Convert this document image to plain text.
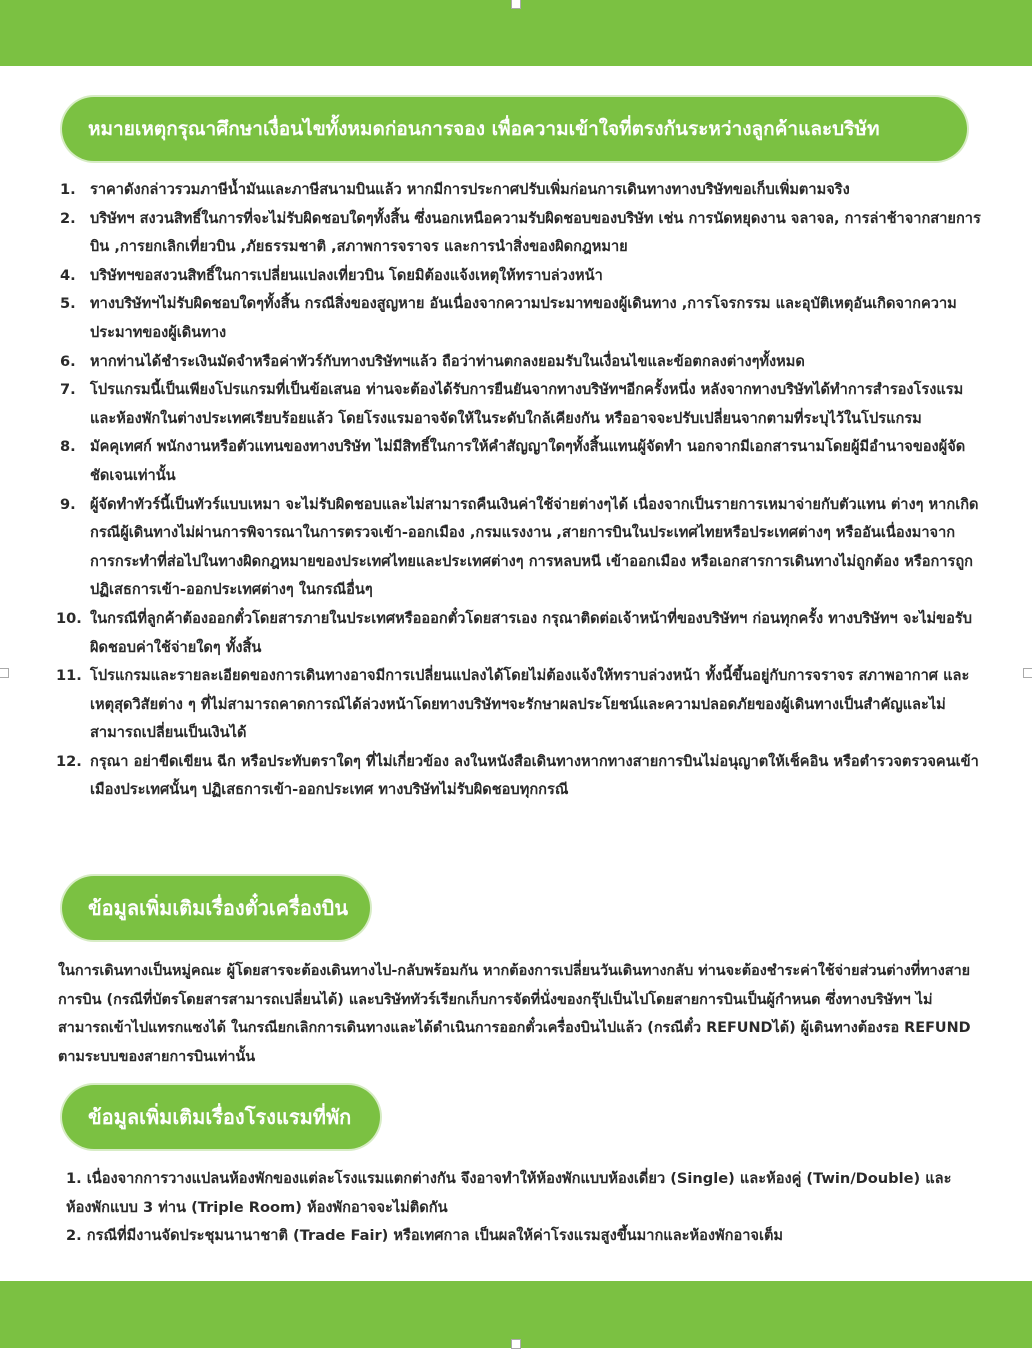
หมายเหตุกรุณาศึกษาเงื่อนไขทั้งหมดก่อนการจอง เพื่อความเข้าใจที่ตรงกันระหว่างลูกค้าและบริษัท
1. ราคาดังกล่าวรวมภาษีน้ำมันและภาษีสนามบินแล้ว หากมีการประกาศปรับเพิ่มก่อนการเดินทางทางบริษัทขอเก็บเพิ่มตามจริง
2. บริษัทฯ สงวนสิทธิ์ในการที่จะไม่รับผิดชอบใดๆทั้งสิ้น ซึ่งนอกเหนือความรับผิดชอบของบริษัท เช่น การนัดหยุดงาน จลาจล, การล่าช้าจากสายการบิน ,การยกเลิกเที่ยวบิน ,ภัยธรรมชาติ ,สภาพการจราจร และการนำสิ่งของผิดกฎหมาย
4. บริษัทฯขอสงวนสิทธิ์ในการเปลี่ยนแปลงเที่ยวบิน โดยมิต้องแจ้งเหตุให้ทราบล่วงหน้า
5. ทางบริษัทฯไม่รับผิดชอบใดๆทั้งสิ้น กรณีสิ่งของสูญหาย อันเนื่องจากความประมาทของผู้เดินทาง ,การโจรกรรม และอุบัติเหตุอันเกิดจากความประมาทของผู้เดินทาง
6. หากท่านได้ชำระเงินมัดจำหรือค่าทัวร์กับทางบริษัทฯแล้ว ถือว่าท่านตกลงยอมรับในเงื่อนไขและข้อตกลงต่างๆทั้งหมด
7. โปรแกรมนี้เป็นเพียงโปรแกรมที่เป็นข้อเสนอ ท่านจะต้องได้รับการยืนยันจากทางบริษัทฯอีกครั้งหนึ่ง หลังจากทางบริษัทได้ทำการสำรองโรงแรมและห้องพักในต่างประเทศเรียบร้อยแล้ว โดยโรงแรมอาจจัดให้ในระดับใกล้เคียงกัน หรืออาจจะปรับเปลี่ยนจากตามที่ระบุไว้ในโปรแกรม
8. มัคคุเทศก์ พนักงานหรือตัวแทนของทางบริษัท ไม่มีสิทธิ์ในการให้คำสัญญาใดๆทั้งสิ้นแทนผู้จัดทำ นอกจากมีเอกสารนามโดยผู้มีอำนาจของผู้จัดชัดเจนเท่านั้น
9. ผู้จัดทำทัวร์นี้เป็นทัวร์แบบเหมา จะไม่รับผิดชอบและไม่สามารถคืนเงินค่าใช้จ่ายต่างๆได้ เนื่องจากเป็นรายการเหมาจ่ายกับตัวแทน ต่างๆ หากเกิดกรณีผู้เดินทางไม่ผ่านการพิจารณาในการตรวจเข้า-ออกเมือง ,กรมแรงงาน ,สายการบินในประเทศไทยหรือประเทศต่างๆ หรืออันเนื่องมาจากการกระทำที่ส่อไปในทางผิดกฎหมายของประเทศไทยและประเทศต่างๆ การหลบหนี เข้าออกเมือง หรือเอกสารการเดินทางไม่ถูกต้อง หรือการถูกปฏิเสธการเข้า-ออกประเทศต่างๆ ในกรณีอื่นๆ
10. ในกรณีที่ลูกค้าต้องออกตั๋วโดยสารภายในประเทศหรือออกตั๋วโดยสารเอง กรุณาติดต่อเจ้าหน้าที่ของบริษัทฯ ก่อนทุกครั้ง ทางบริษัทฯ จะไม่ขอรับผิดชอบค่าใช้จ่ายใดๆ ทั้งสิ้น
11. โปรแกรมและรายละเอียดของการเดินทางอาจมีการเปลี่ยนแปลงได้โดยไม่ต้องแจ้งให้ทราบล่วงหน้า ทั้งนี้ขึ้นอยู่กับการจราจร สภาพอากาศ และเหตุสุดวิสัยต่าง ๆ ที่ไม่สามารถคาดการณ์ได้ล่วงหน้าโดยทางบริษัทฯจะรักษาผลประโยชน์และความปลอดภัยของผู้เดินทางเป็นสำคัญและไม่สามารถเปลี่ยนเป็นเงินได้
12. กรุณา อย่าขีดเขียน ฉีก หรือประทับตราใดๆ ที่ไม่เกี่ยวข้อง ลงในหนังสือเดินทางหากทางสายการบินไม่อนุญาตให้เช็คอิน หรือตำรวจตรวจคนเข้าเมืองประเทศนั้นๆ ปฏิเสธการเข้า-ออกประเทศ ทางบริษัทไม่รับผิดชอบทุกกรณี
ข้อมูลเพิ่มเติมเรื่องตั๋วเครื่องบิน

ในการเดินทางเป็นหมู่คณะ ผู้โดยสารจะต้องเดินทางไป-กลับพร้อมกัน หากต้องการเปลี่ยนวันเดินทางกลับ ท่านจะต้องชำระค่าใช้จ่ายส่วนต่างที่ทางสายการบิน (กรณีที่บัตรโดยสารสามารถเปลี่ยนได้) และบริษัททัวร์เรียกเก็บการจัดที่นั่งของกรุ๊ปเป็นไปโดยสายการบินเป็นผู้กำหนด ซึ่งทางบริษัทฯ ไม่สามารถเข้าไปแทรกแซงได้ ในกรณียกเลิกการเดินทางและได้ดำเนินการออกตั๋วเครื่องบินไปแล้ว (กรณีตั๋ว REFUNDได้) ผู้เดินทางต้องรอ REFUND ตามระบบของสายการบินเท่านั้น

ข้อมูลเพิ่มเติมเรื่องโรงแรมที่พัก
1. เนื่องจากการวางแปลนห้องพักของแต่ละโรงแรมแตกต่างกัน จึงอาจทำให้ห้องพักแบบห้องเดี่ยว (Single) และห้องคู่ (Twin/Double) และห้องพักแบบ 3 ท่าน (Triple Room) ห้องพักอาจจะไม่ติดกัน
2. กรณีที่มีงานจัดประชุมนานาชาติ (Trade Fair) หรือเทศกาล เป็นผลให้ค่าโรงแรมสูงขึ้นมากและห้องพักอาจเต็ม
